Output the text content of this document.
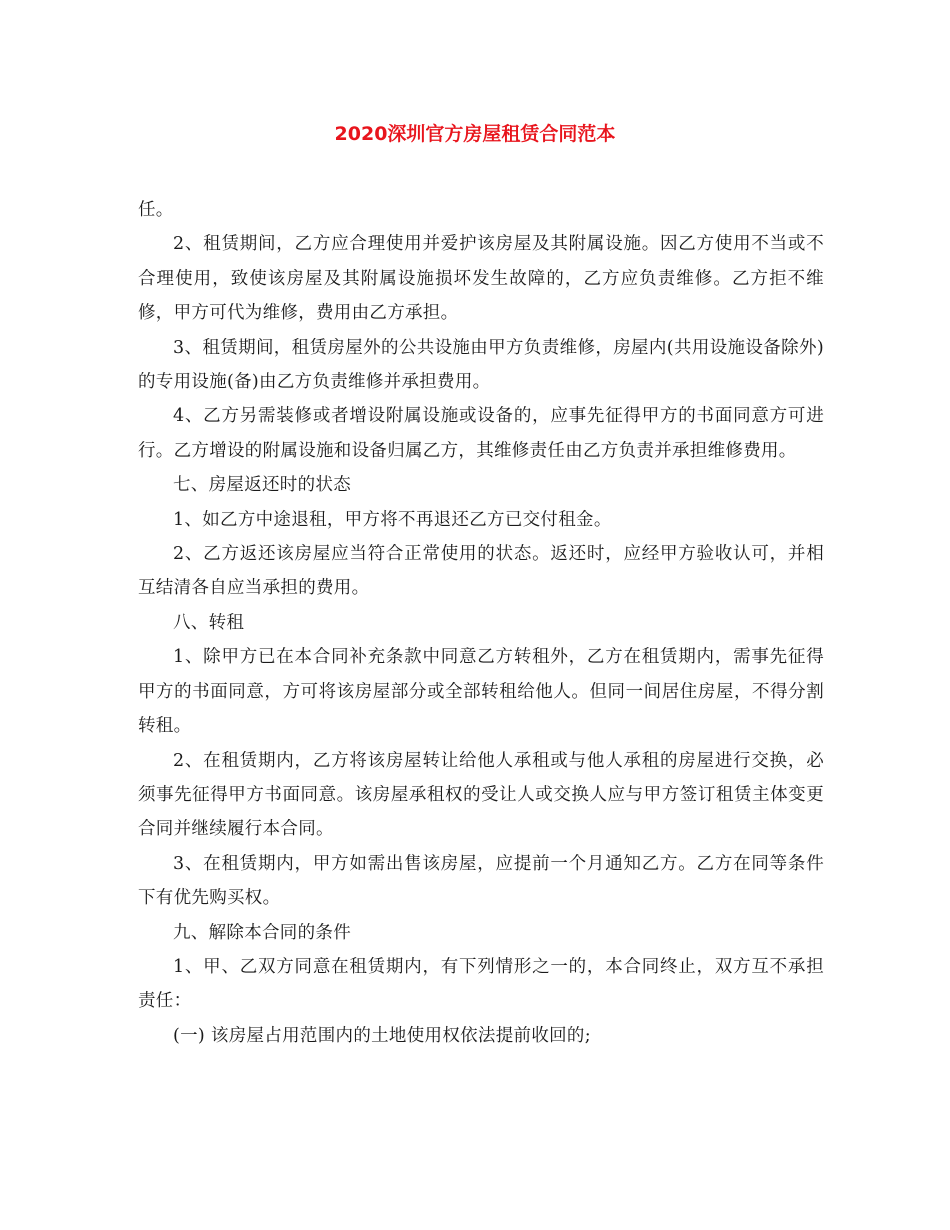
2020深圳官方房屋租赁合同范本

任。

2、租赁期间，乙方应合理使用并爱护该房屋及其附属设施。因乙方使用不当或不合理使用，致使该房屋及其附属设施损坏发生故障的，乙方应负责维修。乙方拒不维修，甲方可代为维修，费用由乙方承担。

3、租赁期间，租赁房屋外的公共设施由甲方负责维修，房屋内(共用设施设备除外)的专用设施(备)由乙方负责维修并承担费用。

4、乙方另需装修或者增设附属设施或设备的，应事先征得甲方的书面同意方可进行。乙方增设的附属设施和设备归属乙方，其维修责任由乙方负责并承担维修费用。

七、房屋返还时的状态

1、如乙方中途退租，甲方将不再退还乙方已交付租金。

2、乙方返还该房屋应当符合正常使用的状态。返还时，应经甲方验收认可，并相互结清各自应当承担的费用。

八、转租

1、除甲方已在本合同补充条款中同意乙方转租外，乙方在租赁期内，需事先征得甲方的书面同意，方可将该房屋部分或全部转租给他人。但同一间居住房屋，不得分割转租。

2、在租赁期内，乙方将该房屋转让给他人承租或与他人承租的房屋进行交换，必须事先征得甲方书面同意。该房屋承租权的受让人或交换人应与甲方签订租赁主体变更合同并继续履行本合同。

3、在租赁期内，甲方如需出售该房屋，应提前一个月通知乙方。乙方在同等条件下有优先购买权。

九、解除本合同的条件

1、甲、乙双方同意在租赁期内，有下列情形之一的，本合同终止，双方互不承担责任：

(一) 该房屋占用范围内的土地使用权依法提前收回的;
